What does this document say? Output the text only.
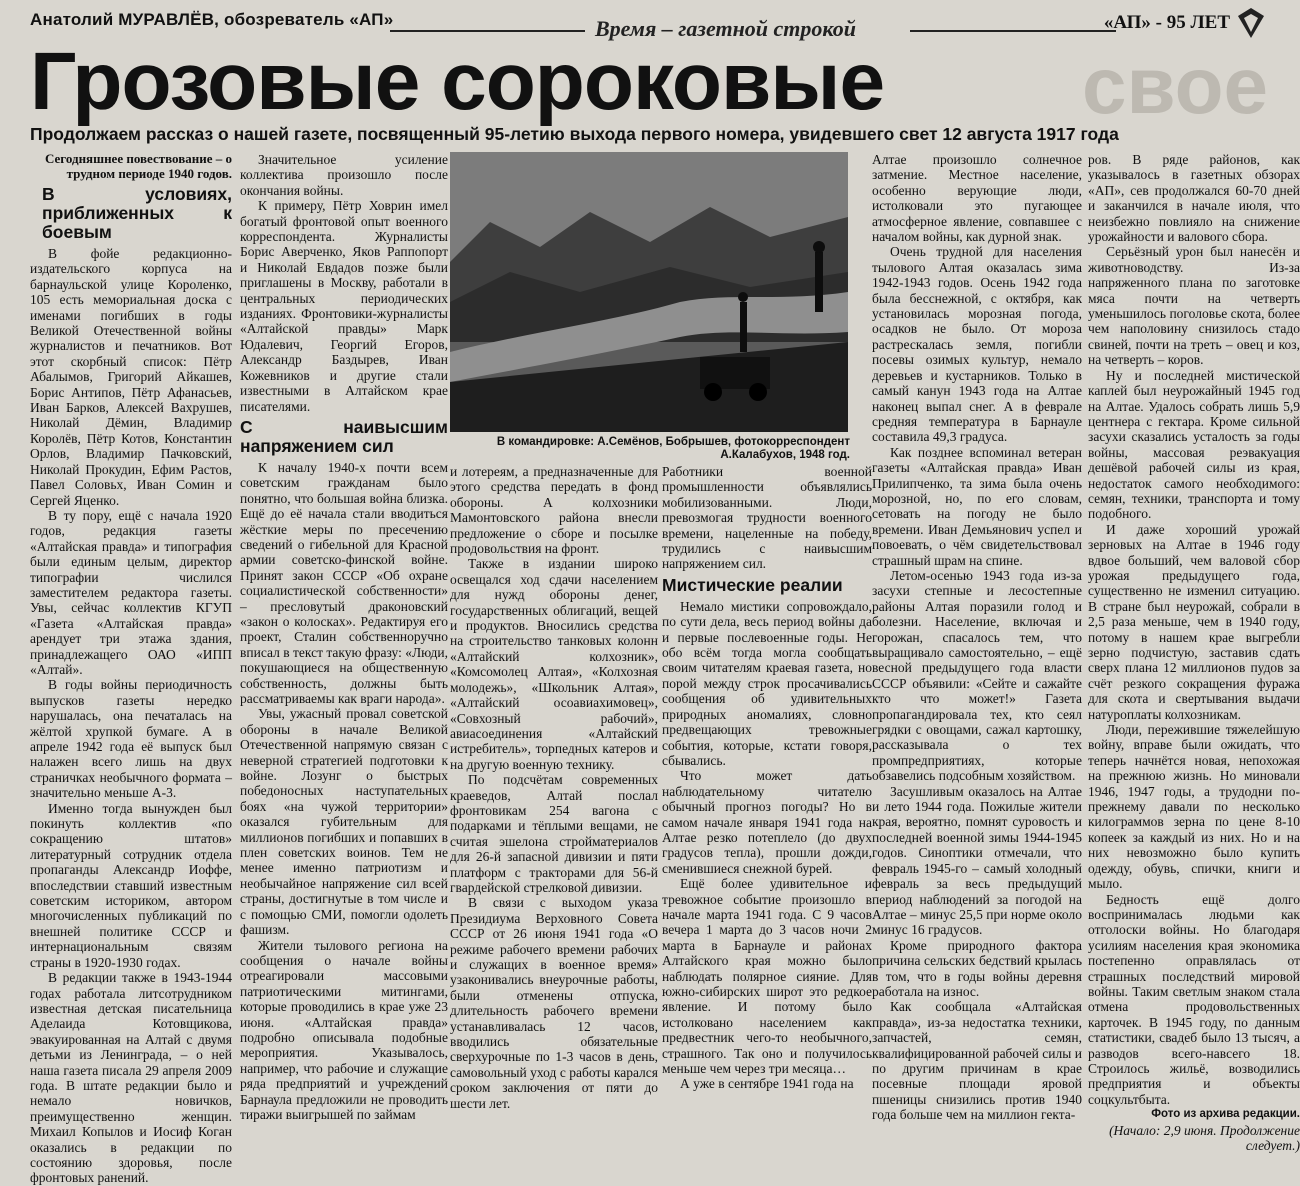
Анатолий МУРАВЛЁВ, обозреватель «АП»	Время – газетной строкой	«АП» - 95 ЛЕТ
свое
Грозовые сороковые
Продолжаем рассказ о нашей газете, посвященный 95-летию выхода первого номера, увидевшего свет 12 августа 1917 года
В командировке: А.Семёнов, Бобрышев, фотокорреспондент А.Калабухов, 1948 год.
Сегодняшнее повествование – о трудном периоде 1940 годов.
В условиях, приближенных к боевым

В фойе редакционно-издательского корпуса на барнаульской улице Короленко, 105 есть мемориальная доска с именами погибших в годы Великой Отечественной войны журналистов и печатников. Вот этот скорбный список: Пётр Абалымов, Григорий Айкашев, Борис Антипов, Пётр Афанасьев, Иван Барков, Алексей Вахрушев, Николай Дёмин, Владимир Королёв, Пётр Котов, Константин Орлов, Владимир Пачковский, Николай Прокудин, Ефим Растов, Павел Соловьх, Иван Сомин и Сергей Яценко.

В ту пору, ещё с начала 1920 годов, редакция газеты «Алтайская правда» и типография были единым целым, директор типографии числился заместителем редактора газеты. Увы, сейчас коллектив КГУП «Газета «Алтайская правда» арендует три этажа здания, принадлежащего ОАО «ИПП «Алтай».

В годы войны периодичность выпусков газеты нередко нарушалась, она печаталась на жёлтой хрупкой бумаге. А в апреле 1942 года её выпуск был налажен всего лишь на двух страничках необычного формата – значительно меньше А-3.

Именно тогда вынужден был покинуть коллектив «по сокращению штатов» литературный сотрудник отдела пропаганды Александр Иоффе, впоследствии ставший известным советским историком, автором многочисленных публикаций по внешней политике СССР и интернациональным связям страны в 1920-1930 годах.

В редакции также в 1943-1944 годах работала литсотрудником известная детская писательница Аделаида Котовщикова, эвакуированная на Алтай с двумя детьми из Ленинграда, – о ней наша газета писала 29 апреля 2009 года. В штате редакции было и немало новичков, преимущественно женщин. Михаил Копылов и Иосиф Коган оказались в редакции по состоянию здоровья, после фронтовых ранений.

Значительное усиление коллектива произошло после окончания войны.

К примеру, Пётр Ховрин имел богатый фронтовой опыт военного корреспондента. Журналисты Борис Аверченко, Яков Раппопорт и Николай Евдадов позже были приглашены в Москву, работали в центральных периодических изданиях. Фронтовики-журналисты «Алтайской правды» Марк Юдалевич, Георгий Егоров, Александр Баздырев, Иван Кожевников и другие стали известными в Алтайском крае писателями.

С наивысшим напряжением сил

К началу 1940-х почти всем советским гражданам было понятно, что большая война близка. Ещё до её начала стали вводиться жёсткие меры по пресечению сведений о гибельной для Красной армии советско-финской войне. Принят закон СССР «Об охране социалистической собственности» – пресловутый драконовский «закон о колосках». Редактируя его проект, Сталин собственноручно вписал в текст такую фразу: «Люди, покушающиеся на общественную собственность, должны быть рассматриваемы как враги народа».

Увы, ужасный провал советской обороны в начале Великой Отечественной напрямую связан с неверной стратегией подготовки к войне. Лозунг о быстрых победоносных наступательных боях «на чужой территории» оказался губительным для миллионов погибших и попавших в плен советских воинов. Тем не менее именно патриотизм и необычайное напряжение сил всей страны, достигнутые в том числе и с помощью СМИ, помогли одолеть фашизм.

Жители тылового региона на сообщения о начале войны отреагировали массовыми патриотическими митингами, которые проводились в крае уже 23 июня. «Алтайская правда» подробно описывала подобные мероприятия. Указывалось, например, что рабочие и служащие ряда предприятий и учреждений Барнаула предложили не проводить тиражи выигрышей по займам

и лотереям, а предназначенные для этого средства передать в фонд обороны. А колхозники Мамонтовского района внесли предложение о сборе и посылке продовольствия на фронт.

Также в издании широко освещался ход сдачи населением для нужд обороны денег, государственных облигаций, вещей и продуктов. Вносились средства на строительство танковых колонн «Алтайский колхозник», «Комсомолец Алтая», «Колхозная молодежь», «Школьник Алтая», «Алтайский осоавиахимовец», «Совхозный рабочий», авиасоединения «Алтайский истребитель», торпедных катеров и на другую военную технику.

По подсчётам современных краеведов, Алтай послал фронтовикам 254 вагона с подарками и тёплыми вещами, не считая эшелона стройматериалов для 26-й запасной дивизии и пяти платформ с тракторами для 56-й гвардейской стрелковой дивизии.

В связи с выходом указа Президиума Верховного Совета СССР от 26 июня 1941 года «О режиме рабочего времени рабочих и служащих в военное время» узаконивались внеурочные работы, были отменены отпуска, длительность рабочего времени устанавливалась 12 часов, вводились обязательные сверхурочные по 1-3 часов в день, самовольный уход с работы карался сроком заключения от пяти до шести лет.

Работники военной промышленности объявлялись мобилизованными. Люди, превозмогая трудности военного времени, нацеленные на победу, трудились с наивысшим напряжением сил.

Мистические реалии

Немало мистики сопровождало, по сути дела, весь период войны да и первые послевоенные годы. Не обо всём тогда могла сообщать своим читателям краевая газета, но порой между строк просачивались сообщения об удивительных природных аномалиях, словно предвещающих тревожные события, которые, кстати говоря, сбывались.

Что может дать наблюдательному читателю обычный прогноз погоды? Но в самом начале января 1941 года на Алтае резко потеплело (до двух градусов тепла), прошли дожди, сменившиеся снежной бурей.

Ещё более удивительное и тревожное событие произошло в начале марта 1941 года. С 9 часов вечера 1 марта до 3 часов ночи 2 марта в Барнауле и районах Алтайского края можно было наблюдать полярное сияние. Для южно-сибирских широт это редкое явление. И потому было истолковано населением как предвестник чего-то необычного, страшного. Так оно и получилось меньше чем через три месяца…

А уже в сентябре 1941 года на

Алтае произошло солнечное затмение. Местное население, особенно верующие люди, истолковали это пугающее атмосферное явление, совпавшее с началом войны, как дурной знак.

Очень трудной для населения тылового Алтая оказалась зима 1942-1943 годов. Осень 1942 года была бесснежной, с октября, как установилась морозная погода, осадков не было. От мороза растрескалась земля, погибли посевы озимых культур, немало деревьев и кустарников. Только в самый канун 1943 года на Алтае наконец выпал снег. А в феврале средняя температура в Барнауле составила 49,3 градуса.

Как позднее вспоминал ветеран газеты «Алтайская правда» Иван Прилипченко, та зима была очень морозной, но, по его словам, сетовать на погоду не было времени. Иван Демьянович успел и повоевать, о чём свидетельствовал страшный шрам на спине.

Летом-осенью 1943 года из-за засухи степные и лесостепные районы Алтая поразили голод и болезни. Население, включая и горожан, спасалось тем, что выращивало самостоятельно, – ещё весной предыдущего года власти СССР объявили: «Сейте и сажайте кто что может!» Газета пропагандировала тех, кто сеял грядки с овощами, сажал картошку, рассказывала о тех промпредприятиях, которые обзавелись подсобным хозяйством.

Засушливым оказалось на Алтае и лето 1944 года. Пожилые жители края, вероятно, помнят суровость и последней военной зимы 1944-1945 годов. Синоптики отмечали, что февраль 1945-го – самый холодный февраль за весь предыдущий период наблюдений за погодой на Алтае – минус 25,5 при норме около минус 16 градусов.

Кроме природного фактора причина сельских бедствий крылась в том, что в годы войны деревня работала на износ.

Как сообщала «Алтайская правда», из-за недостатка техники, запчастей, семян, квалифицированной рабочей силы и по другим причинам в крае посевные площади яровой пшеницы снизились против 1940 года больше чем на миллион гекта-

ров. В ряде районов, как указывалось в газетных обзорах «АП», сев продолжался 60-70 дней и заканчился в начале июля, что неизбежно повлияло на снижение урожайности и валового сбора.

Серьёзный урон был нанесён и животноводству. Из-за напряженного плана по заготовке мяса почти на четверть уменьшилось поголовье скота, более чем наполовину снизилось стадо свиней, почти на треть – овец и коз, на четверть – коров.

Ну и последней мистической каплей был неурожайный 1945 год на Алтае. Удалось собрать лишь 5,9 центнера с гектара. Кроме сильной засухи сказались усталость за годы войны, массовая реэвакуация дешёвой рабочей силы из края, недостаток самого необходимого: семян, техники, транспорта и тому подобного.

И даже хороший урожай зерновых на Алтае в 1946 году вдвое больший, чем валовой сбор урожая предыдущего года, существенно не изменил ситуацию. В стране был неурожай, собрали в 2,5 раза меньше, чем в 1940 году, потому в нашем крае выгребли зерно подчистую, заставив сдать сверх плана 12 миллионов пудов за счёт резкого сокращения фуража для скота и свертывания выдачи натуроплаты колхозникам.

Люди, пережившие тяжелейшую войну, вправе были ожидать, что теперь начнётся новая, непохожая на прежнюю жизнь. Но миновали 1946, 1947 годы, а трудодни по-прежнему давали по несколько килограммов зерна по цене 8-10 копеек за каждый из них. Но и на них невозможно было купить одежду, обувь, спички, книги и мыло.

Бедность ещё долго воспринималась людьми как отголоски войны. Но благодаря усилиям населения края экономика постепенно оправлялась от страшных последствий мировой войны. Таким светлым знаком стала отмена продовольственных карточек. В 1945 году, по данным статистики, свадеб было 13 тысяч, а разводов всего-навсего 18. Строилось жильё, возводились предприятия и объекты соцкультбыта.

Фото из архива редакции.

(Начало: 2,9 июня. Продолжение следует.)
